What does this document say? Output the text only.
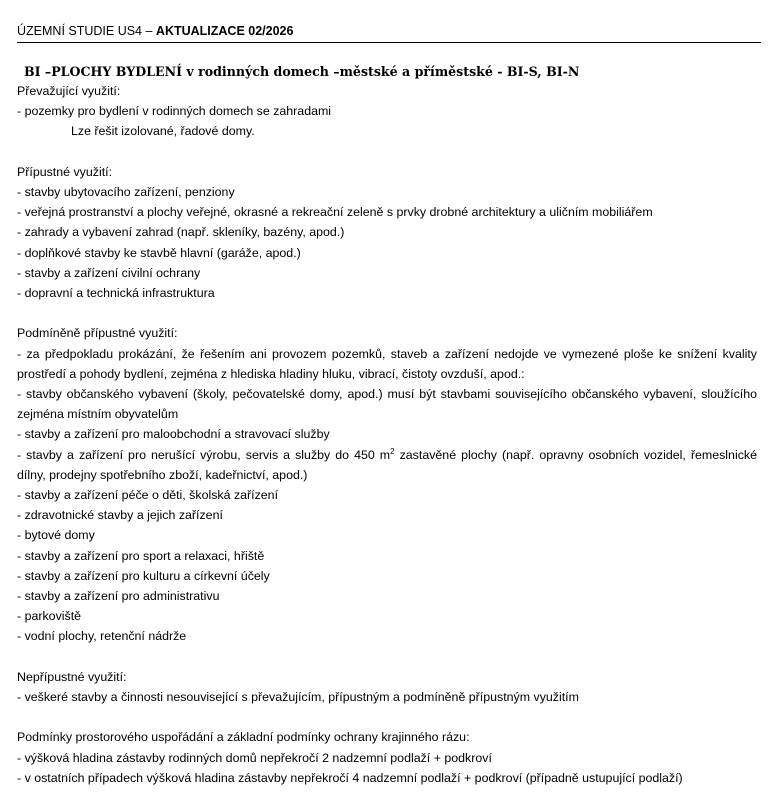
ÚZEMNÍ STUDIE US4 – AKTUALIZACE 02/2026
BI –PLOCHY BYDLENÍ v rodinných domech –městské a příměstské - BI-S, BI-N
Převažující využití:
- pozemky pro bydlení v rodinných domech se zahradami
Lze řešit izolované, řadové domy.
Přípustné využití:
- stavby ubytovacího zařízení, penziony
- veřejná prostranství a plochy veřejné, okrasné a rekreační zeleně s prvky drobné architektury a uličním mobiliářem
- zahrady a vybavení zahrad (např. skleníky, bazény, apod.)
- doplňkové stavby ke stavbě hlavní (garáže, apod.)
- stavby a zařízení civilní ochrany
- dopravní a technická infrastruktura
Podmíněně přípustné využití:
- za předpokladu prokázání, že řešením ani provozem pozemků, staveb a zařízení nedojde ve vymezené ploše ke snížení kvality
prostředí a pohody bydlení, zejména z hlediska hladiny hluku, vibrací, čistoty ovzduší, apod.:
- stavby občanského vybavení (školy, pečovatelské domy, apod.) musí být stavbami souvisejícího občanského vybavení, sloužícího
zejména místním obyvatelům
- stavby a zařízení pro maloobchodní a stravovací služby
- stavby a zařízení pro nerušící výrobu, servis a služby do 450 $m^2$ zastavěné plochy (např. opravny osobních vozidel, řemeslnické
dílny, prodejny spotřebního zboží, kadeřnictví, apod.)
- stavby a zařízení péče o děti, školská zařízení
- zdravotnické stavby a jejich zařízení
- bytové domy
- stavby a zařízení pro sport a relaxaci, hřiště
- stavby a zařízení pro kulturu a církevní účely
- stavby a zařízení pro administrativu
- parkoviště
- vodní plochy, retenční nádrže
Nepřípustné využití:
- veškeré stavby a činnosti nesouvisející s převažujícím, přípustným a podmíněně přípustným využitím
Podmínky prostorového uspořádání a základní podmínky ochrany krajinného rázu:
- výšková hladina zástavby rodinných domů nepřekročí 2 nadzemní podlaží + podkroví
- v ostatních případech výšková hladina zástavby nepřekročí 4 nadzemní podlaží + podkroví (případně ustupující podlaží)
